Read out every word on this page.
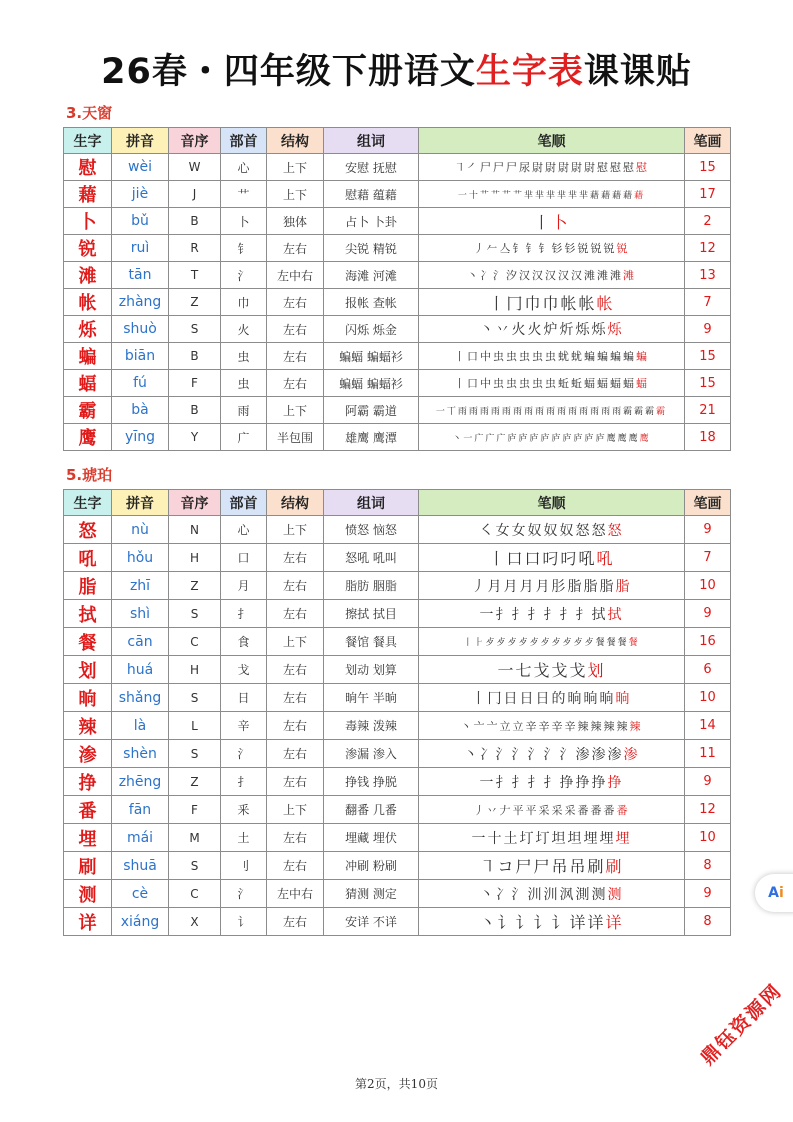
26春・四年级下册语文生字表课课贴
3.天窗
生字	拼音	音序	部首	结构	组词	笔顺	笔画
慰	wèi	W	心	上下	安慰 抚慰	㇕ ㇒ 尸 尸 尸 尿 尉 尉 尉 尉 尉 慰 慰 慰 慰	15
藉	jiè	J	艹	上下	慰藉 蕴藉	一 十 艹 艹 艹 艹 芈 芈 芈 芈 芈 芈 藉 藉 藉 藉 藉	17
卜	bǔ	B	卜	独体	占卜 卜卦	丨 卜	2
锐	ruì	R	钅	左右	尖锐 精锐	丿 𠂉 亼 钅 钅 钅 钐 钐 锐 锐 锐 锐	12
滩	tān	T	氵	左中右	海滩 河滩	丶 冫 氵 汐 汉 汉 汉 汉 汉 滩 滩 滩 滩	13
帐	zhàng	Z	巾	左右	报帐 查帐	丨 冂 巾 巾 帐 帐 帐	7
烁	shuò	S	火	左右	闪烁 烁金	丶 丷 火 火 炉 炘 烁 烁 烁	9
蝙	biān	B	虫	左右	蝙蝠 蝙蝠衫	丨 口 中 虫 虫 虫 虫 虫 蚘 蚘 蝙 蝙 蝙 蝙 蝙	15
蝠	fú	F	虫	左右	蝙蝠 蝙蝠衫	丨 口 中 虫 虫 虫 虫 虫 蚯 蚯 蝠 蝠 蝠 蝠 蝠	15
霸	bà	B	雨	上下	阿霸 霸道	一 丅 雨 雨 雨 雨 雨 雨 雨 雨 雨 雨 雨 雨 雨 雨 雨 霸 霸 霸 霸	21
鹰	yīng	Y	广	半包围	雄鹰 鹰潭	丶 一 广 广 广 庐 庐 庐 庐 庐 庐 庐 庐 庐 鹰 鹰 鹰 鹰	18
5.琥珀
生字	拼音	音序	部首	结构	组词	笔顺	笔画
怒	nù	N	心	上下	愤怒 恼怒	㇛ 女 女 奴 奴 奴 怒 怒 怒	9
吼	hǒu	H	口	左右	怒吼 吼叫	丨 口 口 叼 叼 吼 吼	7
脂	zhī	Z	月	左右	脂肪 胭脂	丿 月 月 月 月 肜 脂 脂 脂 脂	10
拭	shì	S	扌	左右	擦拭 拭目	一 扌 扌 扌 扌 扌 扌 拭 拭	9
餐	cān	C	食	上下	餐馆 餐具	丨 ⺊ 歺 歺 歺 歺 歺 歺 歺 歺 歺 歺 餐 餐 餐 餐	16
划	huá	H	戈	左右	划动 划算	一 七 戈 戈 戈 划	6
晌	shǎng	S	日	左右	晌午 半晌	丨 冂 日 日 日 的 晌 晌 晌 晌	10
辣	là	L	辛	左右	毒辣 泼辣	丶 亠 亠 立 立 辛 辛 辛 辛 辣 辣 辣 辣 辣	14
渗	shèn	S	氵	左右	渗漏 渗入	丶 冫 氵 氵 氵 氵 氵 渗 渗 渗 渗	11
挣	zhēng	Z	扌	左右	挣钱 挣脱	一 扌 扌 扌 扌 挣 挣 挣 挣	9
番	fān	F	釆	上下	翻番 几番	丿 丷 𠂇 平 平 采 采 采 番 番 番 番	12
埋	mái	M	土	左右	埋藏 埋伏	一 十 土 圢 圢 坦 坦 埋 埋 埋	10
刷	shuā	S	刂	左右	冲刷 粉刷	㇕ コ 尸 尸 吊 吊 刷 刷	8
测	cè	C	氵	左中右	猜测 测定	丶 冫 氵 汌 汌 沨 測 测 测	9
详	xiáng	X	讠	左右	安详 不详	丶 讠 讠 讠 讠 详 详 详	8
第2页，共10页
鼎钰资源网
Ai
